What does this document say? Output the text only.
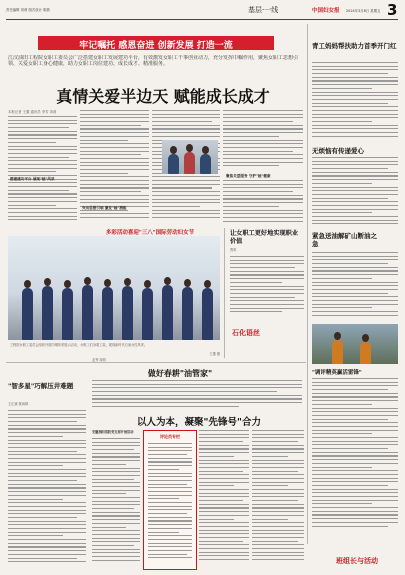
责任编辑 刘莉 版式设计 陈燕	基层·一线	中国妇女报 2024年3月8日 星期五 3
牢记嘱托 感恩奋进 创新发展 打造一流
江汉油田工程院女职工委员会广泛搭建女职工发展建功平台，有效激发女职工干事创业动力，充分发挥巾帼作用，聚焦女职工思想引领、关爱女职工身心健康，助力女职工岗位建功、成长成才、精准服务。
真情关爱半边天 赋能成长成才
本报记者 王蕙 通讯员 李芳 刘莉
搭建建功平台 展现"她"风采
突出思想引领 激发"她"潜能
聚焦关爱服务 守护"她"健康
青工妈妈帮扶助力首季开门红
无烦恼有传递爱心
紧急送油解矿山断油之急
"调评精英赢活雷锋"
班组长与活动
多彩活动喜迎"三八"国际劳动妇女节
工程院女职工委员会组织开展巾帼风采展示活动，女职工们身着工装，展现新时代石油女性风采。
王蕙 摄
让女职工更好地实现职业价值
贾鸣
石化语丝
"智多星"巧解压井难题
王正斌 陈雨晴
做好春耕"油管家"
孟秀 周明
以人为本，凝聚"先锋号"合力
安徽涡阳消防党支部开展活动
评论员专栏
